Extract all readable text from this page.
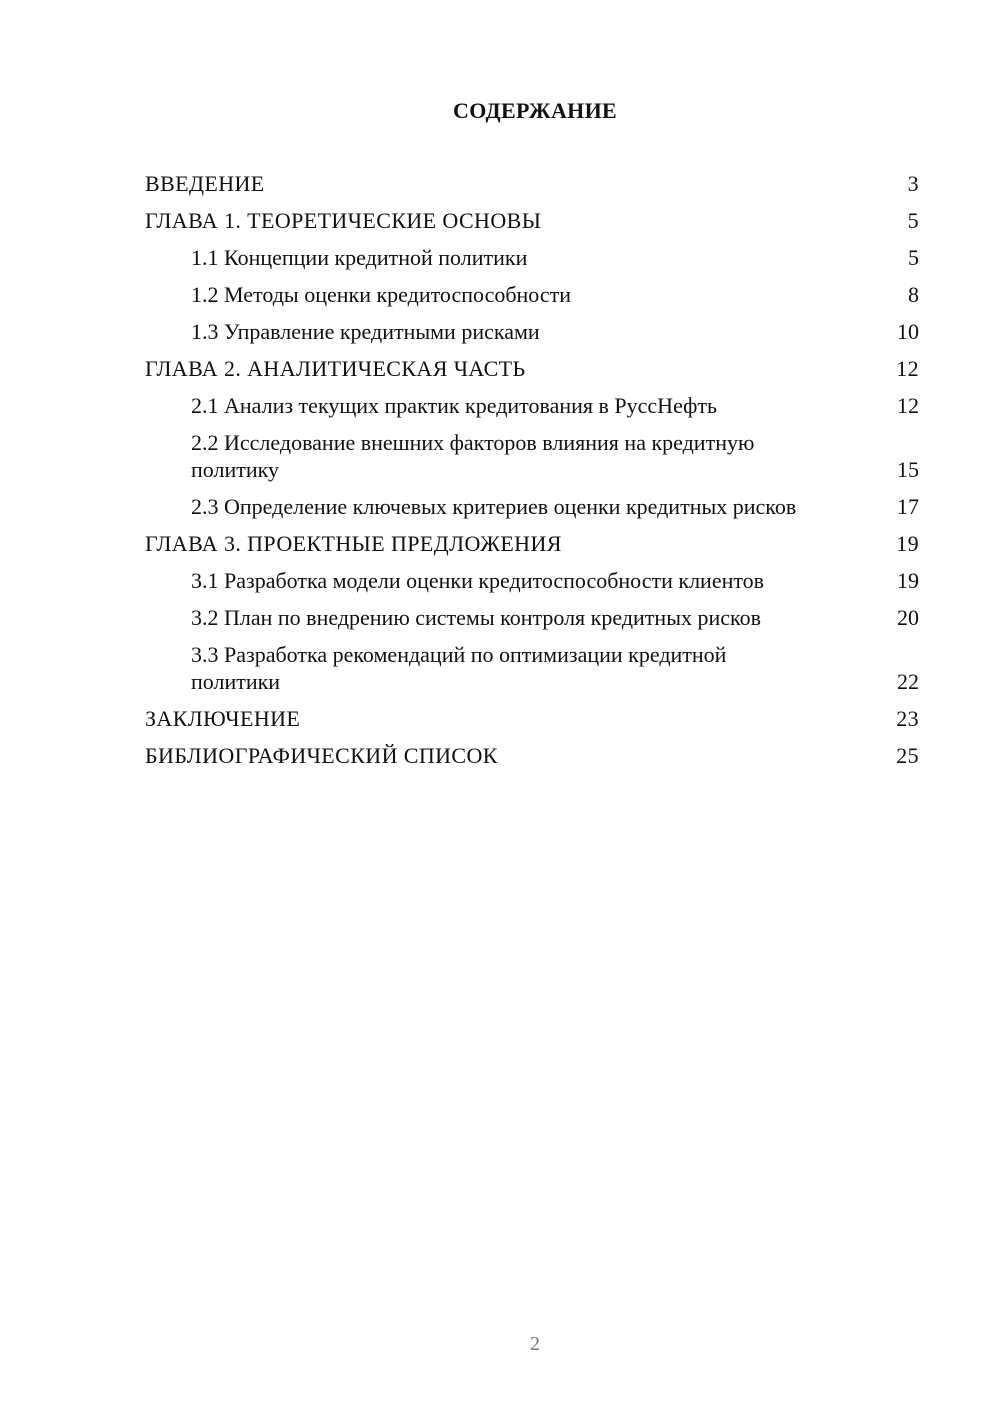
СОДЕРЖАНИЕ
ВВЕДЕНИЕ	3
ГЛАВА 1. ТЕОРЕТИЧЕСКИЕ ОСНОВЫ	5
1.1 Концепции кредитной политики	5
1.2 Методы оценки кредитоспособности	8
1.3 Управление кредитными рисками	10
ГЛАВА 2. АНАЛИТИЧЕСКАЯ ЧАСТЬ	12
2.1 Анализ текущих практик кредитования в РуссНефть	12
2.2 Исследование внешних факторов влияния на кредитную политику	15
2.3 Определение ключевых критериев оценки кредитных рисков	17
ГЛАВА 3. ПРОЕКТНЫЕ ПРЕДЛОЖЕНИЯ	19
3.1 Разработка модели оценки кредитоспособности клиентов	19
3.2 План по внедрению системы контроля кредитных рисков	20
3.3 Разработка рекомендаций по оптимизации кредитной политики	22
ЗАКЛЮЧЕНИЕ	23
БИБЛИОГРАФИЧЕСКИЙ СПИСОК	25
2
